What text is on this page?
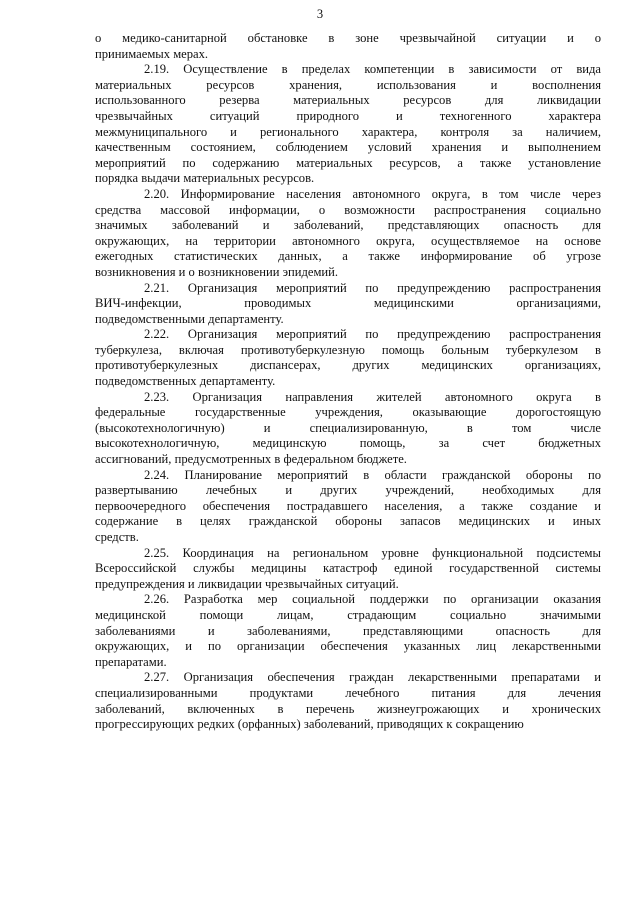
3
о медико-санитарной обстановке в зоне чрезвычайной ситуации и о
принимаемых мерах.
2.19. Осуществление в пределах компетенции в зависимости от вида
материальных ресурсов хранения, использования и восполнения
использованного резерва материальных ресурсов для ликвидации
чрезвычайных ситуаций природного и техногенного характера
межмуниципального и регионального характера, контроля за наличием,
качественным состоянием, соблюдением условий хранения и выполнением
мероприятий по содержанию материальных ресурсов, а также установление
порядка выдачи материальных ресурсов.
2.20. Информирование населения автономного округа, в том числе через
средства массовой информации, о возможности распространения социально
значимых заболеваний и заболеваний, представляющих опасность для
окружающих, на территории автономного округа, осуществляемое на основе
ежегодных статистических данных, а также информирование об угрозе
возникновения и о возникновении эпидемий.
2.21. Организация мероприятий по предупреждению распространения
ВИЧ-инфекции, проводимых медицинскими организациями,
подведомственными департаменту.
2.22. Организация мероприятий по предупреждению распространения
туберкулеза, включая противотуберкулезную помощь больным туберкулезом в
противотуберкулезных диспансерах, других медицинских организациях,
подведомственных департаменту.
2.23. Организация направления жителей автономного округа в
федеральные государственные учреждения, оказывающие дорогостоящую
(высокотехнологичную) и специализированную, в том числе
высокотехнологичную, медицинскую помощь, за счет бюджетных
ассигнований, предусмотренных в федеральном бюджете.
2.24. Планирование мероприятий в области гражданской обороны по
развертыванию лечебных и других учреждений, необходимых для
первоочередного обеспечения пострадавшего населения, а также создание и
содержание в целях гражданской обороны запасов медицинских и иных
средств.
2.25. Координация на региональном уровне функциональной подсистемы
Всероссийской службы медицины катастроф единой государственной системы
предупреждения и ликвидации чрезвычайных ситуаций.
2.26. Разработка мер социальной поддержки по организации оказания
медицинской помощи лицам, страдающим социально значимыми
заболеваниями и заболеваниями, представляющими опасность для
окружающих, и по организации обеспечения указанных лиц лекарственными
препаратами.
2.27. Организация обеспечения граждан лекарственными препаратами и
специализированными продуктами лечебного питания для лечения
заболеваний, включенных в перечень жизнеугрожающих и хронических
прогрессирующих редких (орфанных) заболеваний, приводящих к сокращению
